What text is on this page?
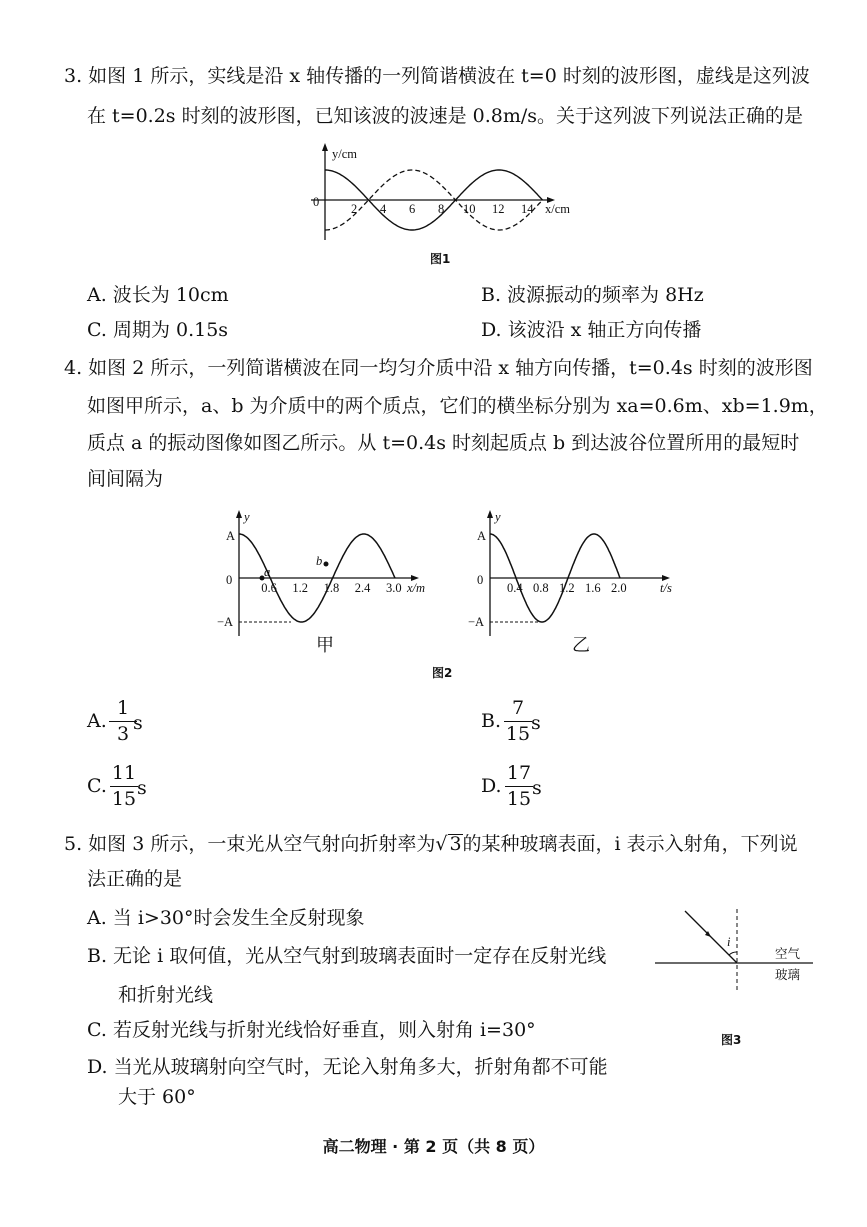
3. 如图 1 所示，实线是沿 x 轴传播的一列简谐横波在 t=0 时刻的波形图，虚线是这列波
在 t=0.2s 时刻的波形图，已知该波的波速是 0.8m/s。关于这列波下列说法正确的是
y/cm
0	2 4 6 8 10 12 14 x/cm
图1
A. 波长为 10cm	B. 波源振动的频率为 8Hz
C. 周期为 0.15s	D. 该波沿 x 轴正方向传播
4. 如图 2 所示，一列简谐横波在同一均匀介质中沿 x 轴方向传播，t=0.4s 时刻的波形图
如图甲所示，a、b 为介质中的两个质点，它们的横坐标分别为 xa=0.6m、xb=1.9m，
质点 a 的振动图像如图乙所示。从 t=0.4s 时刻起质点 b 到达波谷位置所用的最短时
间间隔为
y
A
0
−A
a
b
0.6 1.2 1.8 2.4 3.0 x/m
甲
y
A
0
−A
0.4 0.8 1.2 1.6 2.0	t/s
乙
图2
A. $\frac{1}{3}$
s	B. $\frac{7}{15}$ s
C. $\frac{11}{15}$ s	D. $\frac{17}{15}$ s
5. 如图 3 所示，一束光从空气射向折射率为√ 3的某种玻璃表面，i 表示入射角，下列说
法正确的是
A. 当 i>30°时会发生全反射现象
B. 无论 i 取何值，光从空气射到玻璃表面时一定存在反射光线
和折射光线
C. 若反射光线与折射光线恰好垂直，则入射角 i=30°
D. 当光从玻璃射向空气时，无论入射角多大，折射角都不可能
大于 60°
i
空气
玻璃
图3
高二物理 · 第 2 页（共 8 页）
